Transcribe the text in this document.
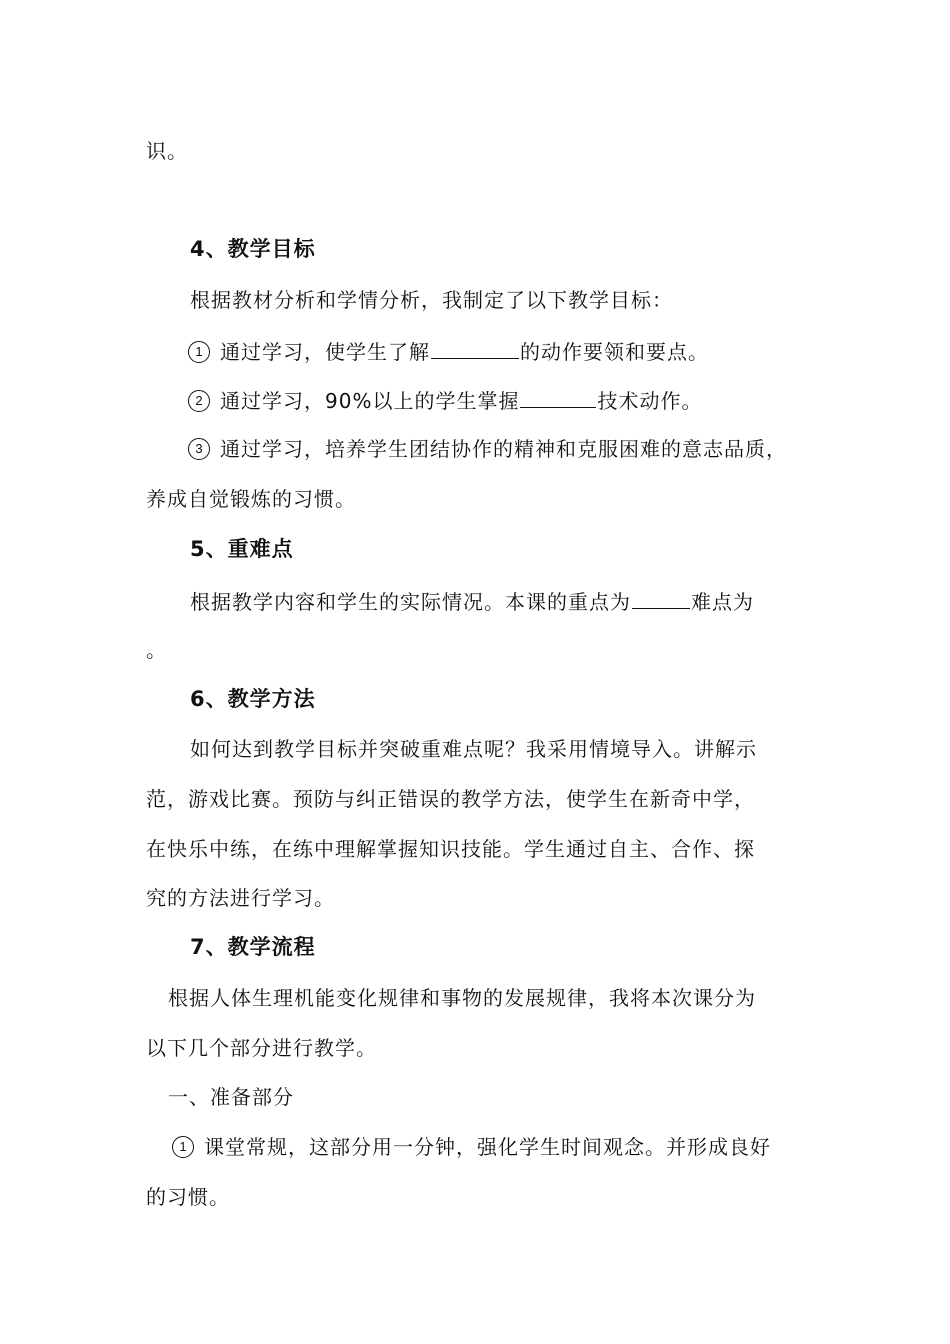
识。
4、教学目标
根据教材分析和学情分析，我制定了以下教学目标：
1 通过学习，使学生了解	的动作要领和要点。
2 通过学习，90%以上的学生掌握	技术动作。
3 通过学习，培养学生团结协作的精神和克服困难的意志品质，
养成自觉锻炼的习惯。
5、重难点
根据教学内容和学生的实际情况。本课的重点为	难点为
。
6、教学方法
如何达到教学目标并突破重难点呢？我采用情境导入。讲解示
范，游戏比赛。预防与纠正错误的教学方法，使学生在新奇中学，
在快乐中练，在练中理解掌握知识技能。学生通过自主、合作、探
究的方法进行学习。
7、教学流程
根据人体生理机能变化规律和事物的发展规律，我将本次课分为
以下几个部分进行教学。
一、准备部分
1 课堂常规，这部分用一分钟，强化学生时间观念。并形成良好
的习惯。
